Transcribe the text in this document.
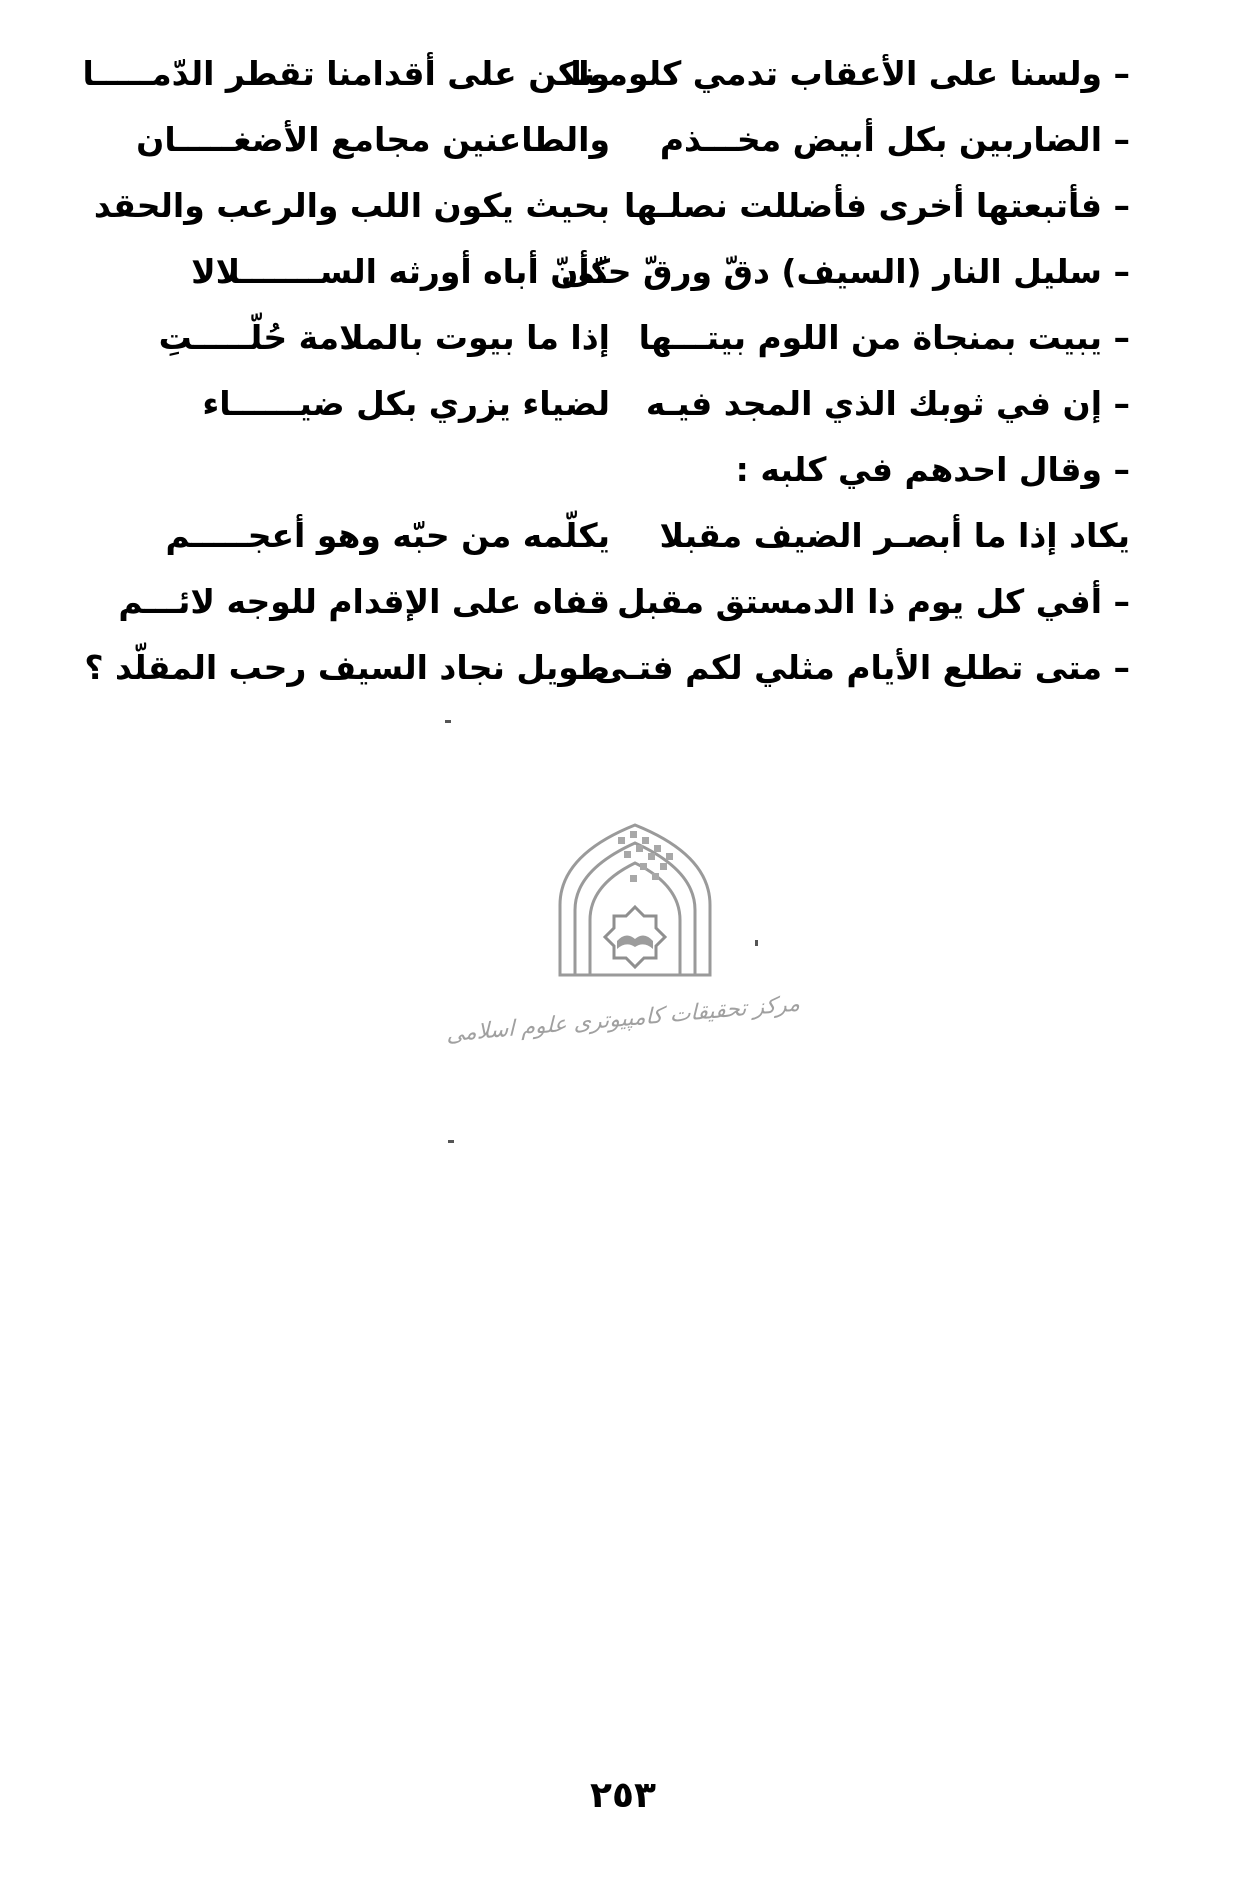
– ولسنا على الأعقاب تدمي كلومـنا
ولكن على أقدامنا تقطر الدّمـــــا
– الضاربين بكل أبيض مخـــذم
والطاعنين مجامع الأضغـــــان
– فأتبعتها أخرى فأضللت نصلـها
بحيث يكون اللب والرعب والحقد
– سليل النار (السيف) دقّ ورقّ حتّى
كأنّ أباه أورثه الســـــــلالا
– يبيت بمنجاة من اللوم بيتـــها
إذا ما بيوت بالملامة حُلّـــــتِ
– إن في ثوبك الذي المجد فيـه
لضياء يزري بكل ضيــــــاء
– وقال احدهم في كلبه :
يكاد إذا ما أبصـر الضيف مقبلا
يكلّمه من حبّه وهو أعجـــــم
– أفي كل يوم ذا الدمستق مقبل
قفاه على الإقدام للوجه لائـــم
– متى تطلع الأيام مثلي لكم فتـى
طويل نجاد السيف رحب المقلّد ؟
مرکز تحقیقات کامپیوتری علوم اسلامی
٢٥٣
